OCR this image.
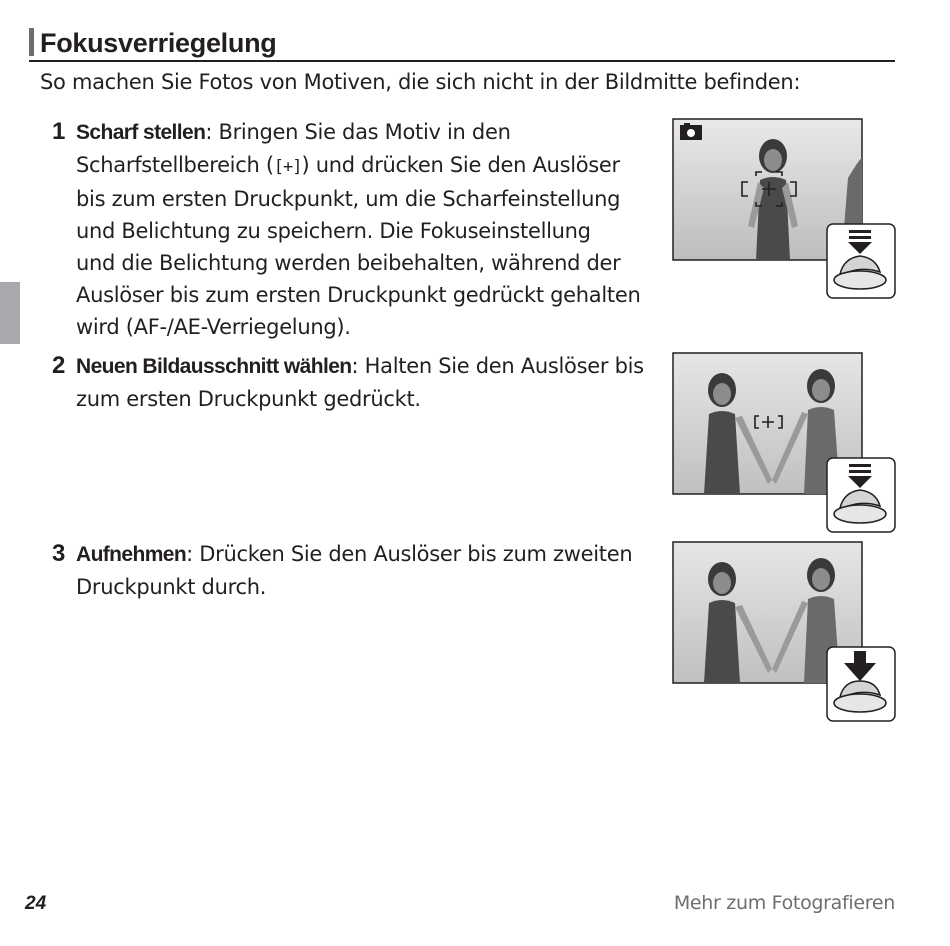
Fokusverriegelung
So machen Sie Fotos von Motiven, die sich nicht in der Bildmitte befinden:
1 Scharf stellen: Bringen Sie das Motiv in den
Scharfstellbereich ([+]) und drücken Sie den Auslöser
bis zum ersten Druckpunkt, um die Scharfeinstellung
und Belichtung zu speichern. Die Fokuseinstellung
und die Belichtung werden beibehalten, während der
Auslöser bis zum ersten Druckpunkt gedrückt gehalten
wird (AF-/AE-Verriegelung).
2 Neuen Bildausschnitt wählen: Halten Sie den Auslöser bis
zum ersten Druckpunkt gedrückt.
3 Aufnehmen: Drücken Sie den Auslöser bis zum zweiten
Druckpunkt durch.
24	Mehr zum Fotografieren
